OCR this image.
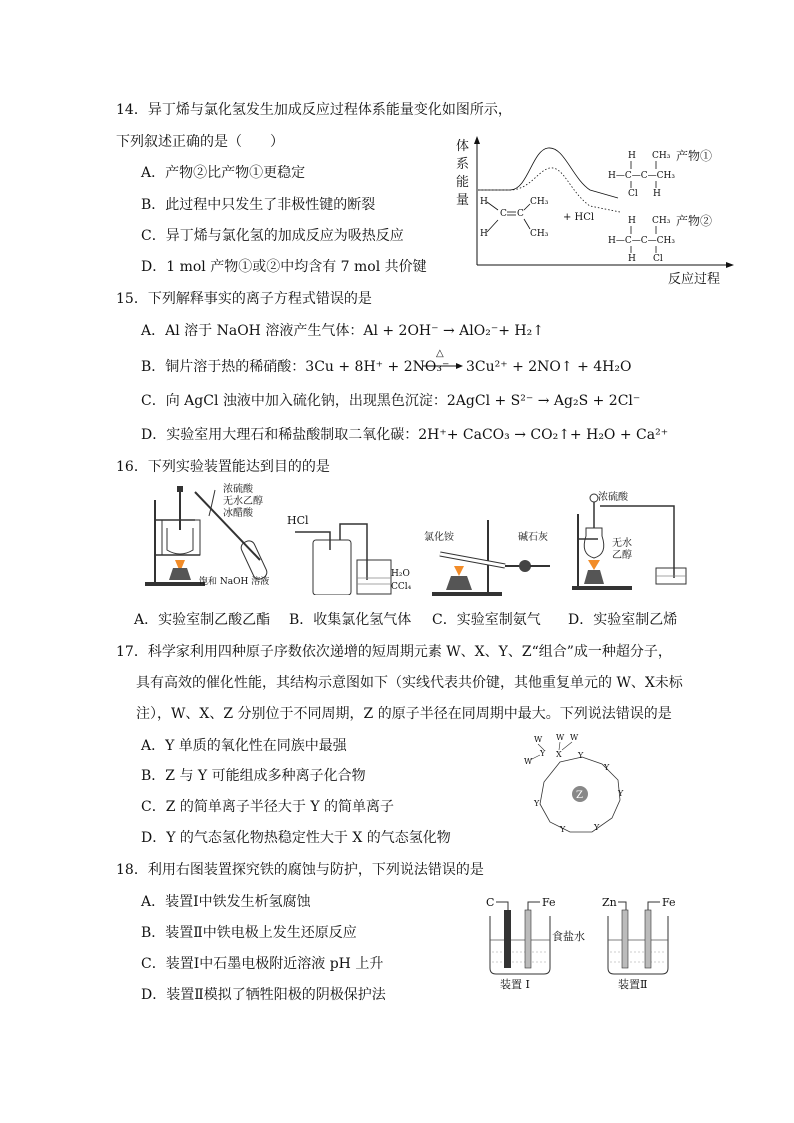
14．异丁烯与氯化氢发生加成反应过程体系能量变化如图所示，
下列叙述正确的是（　　）
A．产物②比产物①更稳定
B．此过程中只发生了非极性键的断裂
C．异丁烯与氯化氢的加成反应为吸热反应
D．1 mol 产物①或②中均含有 7 mol 共价键
体
系
能
量
反应过程
H
C C
H
CH₃
CH₃
+ HCl
H CH₃
H—C—C—CH₃
Cl H
产物①
H CH₃
H—C—C—CH₃
H Cl
产物②
15．下列解释事实的离子方程式错误的是
A．Al 溶于 NaOH 溶液产生气体：Al + 2OH⁻ → AlO₂⁻+ H₂↑
B．铜片溶于热的稀硝酸：3Cu + 8H⁺ + 2NO₃⁻
△
3Cu²⁺ + 2NO↑ + 4H₂O
C．向 AgCl 浊液中加入硫化钠，出现黑色沉淀：2AgCl + S²⁻ → Ag₂S + 2Cl⁻
D．实验室用大理石和稀盐酸制取二氧化碳：2H⁺+ CaCO₃ → CO₂↑+ H₂O + Ca²⁺
16．下列实验装置能达到目的的是
浓硫酸
无水乙醇
冰醋酸
饱和 NaOH 溶液
HCl
H₂O
CCl₄
氯化铵	碱石灰
浓硫酸
无水
乙醇
A．实验室制乙酸乙酯 B．收集氯化氢气体 C．实验室制氨气 D．实验室制乙烯
17．科学家利用四种原子序数依次递增的短周期元素 W、X、Y、Z“组合”成一种超分子，
具有高效的催化性能，其结构示意图如下（实线代表共价键，其他重复单元的 W、X未标
注），W、X、Z 分别位于不同周期，Z 的原子半径在同周期中最大。下列说法错误的是
A．Y 单质的氧化性在同族中最强
B．Z 与 Y 可能组成多种离子化合物
C．Z 的简单离子半径大于 Y 的简单离子
D．Y 的气态氢化物热稳定性大于 X 的气态氢化物
W W W
W
Y X Y
Y
Y
Y
Y
Y
Z
18．利用右图装置探究铁的腐蚀与防护，下列说法错误的是
A．装置Ⅰ中铁发生析氢腐蚀
B．装置Ⅱ中铁电极上发生还原反应
C．装置Ⅰ中石墨电极附近溶液 pH 上升
D．装置Ⅱ模拟了牺牲阳极的阴极保护法
C	Fe
装置 Ⅰ
食盐水
Zn	Fe
装置Ⅱ
